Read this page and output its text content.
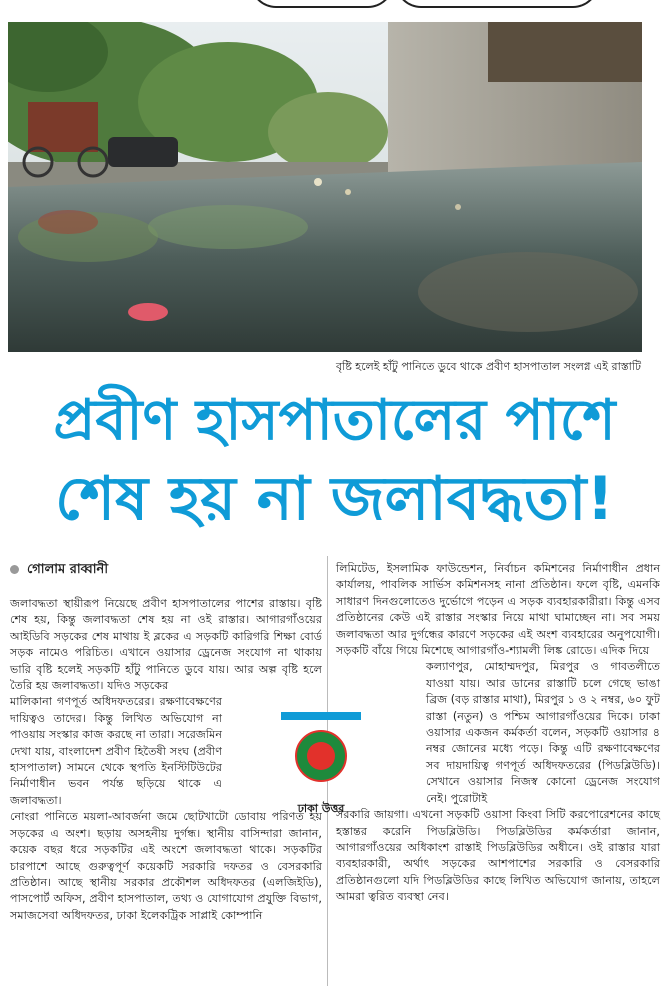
বৃষ্টি হলেই হাঁটু পানিতে ডুবে থাকে প্রবীণ হাসপাতাল সংলগ্ন এই রাস্তাটি
প্রবীণ হাসপাতালের পাশে
শেষ হয় না জলাবদ্ধতা!
গোলাম রাব্বানী

জলাবদ্ধতা স্থায়ীরূপ নিয়েছে প্রবীণ হাসপাতালের পাশের রাস্তায়। বৃষ্টি শেষ হয়, কিন্তু জলাবদ্ধতা শেষ হয় না ওই রাস্তার। আগারগাঁওয়ের আইডিবি সড়কের শেষ মাথায় ই ব্লকের এ সড়কটি কারিগরি শিক্ষা বোর্ড সড়ক নামেও পরিচিত। এখানে ওয়াসার ড্রেনেজ সংযোগ না থাকায় ভারি বৃষ্টি হলেই সড়কটি হাঁটু পানিতে ডুবে যায়। আর অল্প বৃষ্টি হলে তৈরি হয় জলাবদ্ধতা। যদিও সড়কের

মালিকানা গণপূর্ত অধিদফতরের। রক্ষণাবেক্ষণের দায়িত্বও তাদের। কিন্তু লিখিত অভিযোগ না পাওয়ায় সংস্কার কাজ করছে না তারা। সরেজমিন দেখা যায়, বাংলাদেশ প্রবীণ হিতৈষী সংঘ (প্রবীণ হাসপাতাল) সামনে থেকে স্থপতি ইনস্টিটিউটের নির্মাণাধীন ভবন পর্যন্ত ছড়িয়ে থাকে এ জলাবদ্ধতা।

নোংরা পানিতে ময়লা-আবর্জনা জমে ছোটখাটো ডোবায় পরিণত হয় সড়কের এ অংশ। ছড়ায় অসহনীয় দুর্গন্ধ। স্থানীয় বাসিন্দারা জানান, কয়েক বছর ধরে সড়কটির এই অংশে জলাবদ্ধতা থাকে। সড়কটির চারপাশে আছে গুরুত্বপূর্ণ কয়েকটি সরকারি দফতর ও বেসরকারি প্রতিষ্ঠান। আছে স্থানীয় সরকার প্রকৌশল অধিদফতর (এলজিইডি), পাসপোর্ট অফিস, প্রবীণ হাসপাতাল, তথ্য ও যোগাযোগ প্রযুক্তি বিভাগ, সমাজসেবা অধিদফতর, ঢাকা ইলেকট্রিক সাপ্লাই কোম্পানি

ঢাকা উত্তর

লিমিটেড, ইসলামিক ফাউন্ডেশন, নির্বাচন কমিশনের নির্মাণাধীন প্রধান কার্যালয়, পাবলিক সার্ভিস কমিশনসহ নানা প্রতিষ্ঠান। ফলে বৃষ্টি, এমনকি সাধারণ দিনগুলোতেও দুর্ভোগে পড়েন এ সড়ক ব্যবহারকারীরা। কিন্তু এসব প্রতিষ্ঠানের কেউ এই রাস্তার সংস্কার নিয়ে মাথা ঘামাচ্ছেন না। সব সময় জলাবদ্ধতা আর দুর্গন্ধের কারণে সড়কের এই অংশ ব্যবহারের অনুপযোগী। সড়কটি বাঁয়ে গিয়ে মিশেছে আগারগাঁও-শ্যামলী লিঙ্ক রোডে। এদিক দিয়ে

কল্যাণপুর, মোহাম্মদপুর, মিরপুর ও গাবতলীতে যাওয়া যায়। আর ডানের রাস্তাটি চলে গেছে ভাঙা ব্রিজ (বড় রাস্তার মাথা), মিরপুর ১ ও ২ নম্বর, ৬০ ফুট রাস্তা (নতুন) ও পশ্চিম আগারগাঁওয়ের দিকে। ঢাকা ওয়াসার একজন কর্মকর্তা বলেন, সড়কটি ওয়াসার ৪ নম্বর জোনের মধ্যে পড়ে। কিন্তু এটি রক্ষণাবেক্ষণের সব দায়দায়িত্ব গণপূর্ত অধিদফতরের (পিডব্লিউডি)। সেখানে ওয়াসার নিজস্ব কোনো ড্রেনেজ সংযোগ নেই। পুরোটাই

সরকারি জায়গা। এখনো সড়কটি ওয়াসা কিংবা সিটি করপোরেশনের কাছে হস্তান্তর করেনি পিডব্লিউডি। পিডব্লিউডির কর্মকর্তারা জানান, আগারগাঁওয়ের অধিকাংশ রাস্তাই পিডব্লিউডির অধীনে। ওই রাস্তার যারা ব্যবহারকারী, অর্থাৎ সড়কের আশপাশের সরকারি ও বেসরকারি প্রতিষ্ঠানগুলো যদি পিডব্লিউডির কাছে লিখিত অভিযোগ জানায়, তাহলে আমরা ত্বরিত ব্যবস্থা নেব।
